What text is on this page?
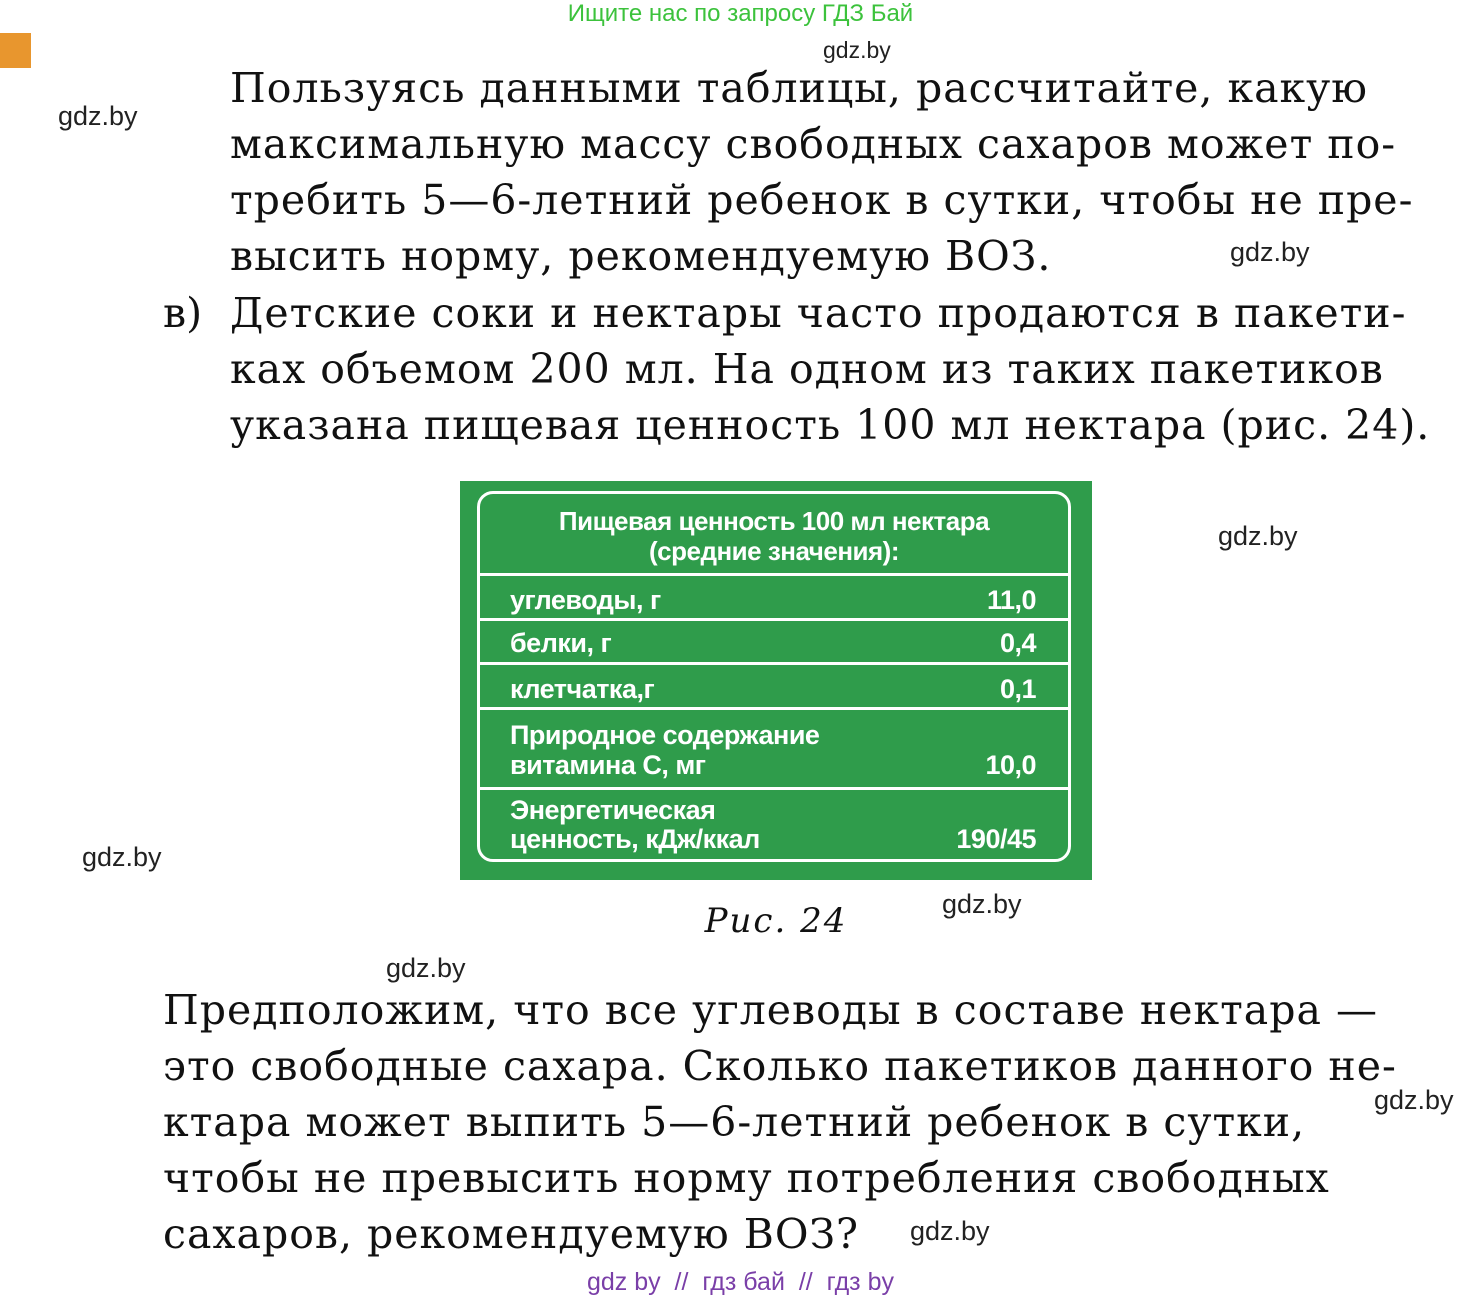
Ищите нас по запросу ГДЗ Бай
gdz.by
gdz.by
gdz.by
gdz.by
gdz.by
gdz.by
gdz.by
gdz.by
gdz.by
Пользуясь данными таблицы, рассчитайте, какую
максимальную массу свободных сахаров может по-
требить 5—6-летний ребенок в сутки, чтобы не пре-
высить норму, рекомендуемую ВОЗ.
в) Детские соки и нектары часто продаются в пакети-
ках объемом 200 мл. На одном из таких пакетиков
указана пищевая ценность 100 мл нектара (рис. 24).
Пищевая ценность 100 мл нектара
(средние значения):
углеводы, г	11,0
белки, г	0,4
клетчатка,г	0,1
Природное содержание
витамина С, мг	10,0
Энергетическая
ценность, кДж/ккал	190/45
Рис. 24
Предположим, что все углеводы в составе нектара —
это свободные сахара. Сколько пакетиков данного не-
ктара может выпить 5—6-летний ребенок в сутки,
чтобы не превысить норму потребления свободных
сахаров, рекомендуемую ВОЗ?
gdz by  //  гдз бай  //  гдз by
